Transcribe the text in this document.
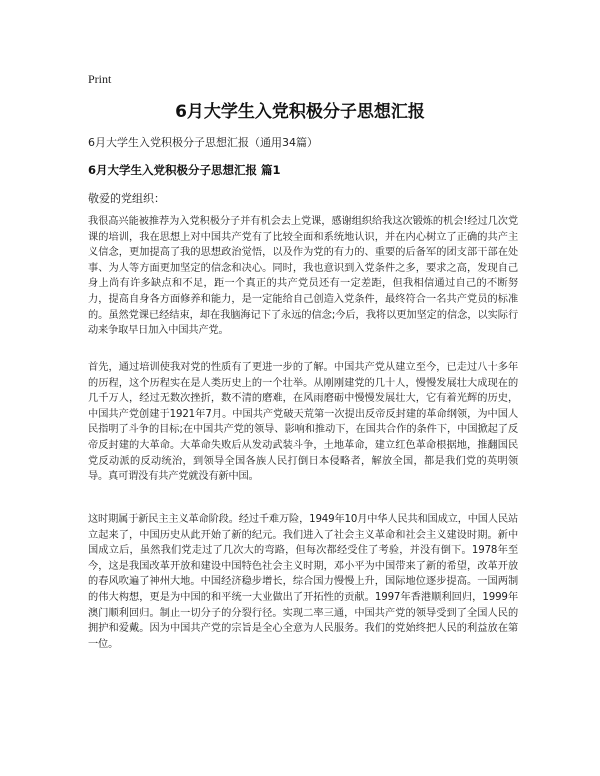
Print
6月大学生入党积极分子思想汇报
6月大学生入党积极分子思想汇报（通用34篇）
6月大学生入党积极分子思想汇报 篇1
敬爱的党组织：

我很高兴能被推荐为入党积极分子并有机会去上党课，感谢组织给我这次锻炼的机会!经过几次党课的培训，我在思想上对中国共产党有了比较全面和系统地认识，并在内心树立了正确的共产主义信念，更加提高了我的思想政治觉悟，以及作为党的有力的、重要的后备军的团支部干部在处事、为人等方面更加坚定的信念和决心。同时，我也意识到入党条件之多，要求之高，发现自己身上尚有许多缺点和不足，距一个真正的共产党员还有一定差距，但我相信通过自己的不断努力，提高自身各方面修养和能力，是一定能给自己创造入党条件，最终符合一名共产党员的标准的。虽然党课已经结束，却在我脑海记下了永远的信念;今后，我将以更加坚定的信念，以实际行动来争取早日加入中国共产党。

首先，通过培训使我对党的性质有了更进一步的了解。中国共产党从建立至今，已走过八十多年的历程，这个历程实在是人类历史上的一个壮举。从刚刚建党的几十人，慢慢发展壮大成现在的几千万人，经过无数次挫折，数不清的磨难，在风雨磨砺中慢慢发展壮大，它有着光辉的历史，中国共产党创建于1921年7月。中国共产党破天荒第一次提出反帝反封建的革命纲领，为中国人民指明了斗争的目标;在中国共产党的领导、影响和推动下，在国共合作的条件下，中国掀起了反帝反封建的大革命。大革命失败后从发动武装斗争，土地革命，建立红色革命根据地，推翻国民党反动派的反动统治，到领导全国各族人民打倒日本侵略者，解放全国，都是我们党的英明领导。真可谓没有共产党就没有新中国。

这时期属于新民主主义革命阶段。经过千难万险，1949年10月中华人民共和国成立，中国人民站立起来了，中国历史从此开始了新的纪元。我们进入了社会主义革命和社会主义建设时期。新中国成立后，虽然我们党走过了几次大的弯路，但每次都经受住了考验，并没有倒下。1978年至今，这是我国改革开放和建设中国特色社会主义时期，邓小平为中国带来了新的希望，改革开放的春风吹遍了神州大地。中国经济稳步增长，综合国力慢慢上升，国际地位逐步提高。一国两制的伟大构想，更是为中国的和平统一大业做出了开拓性的贡献。1997年香港顺利回归，1999年澳门顺利回归。制止一切分子的分裂行径。实现二率三通，中国共产党的领导受到了全国人民的拥护和爱戴。因为中国共产党的宗旨是全心全意为人民服务。我们的党始终把人民的利益放在第一位。
